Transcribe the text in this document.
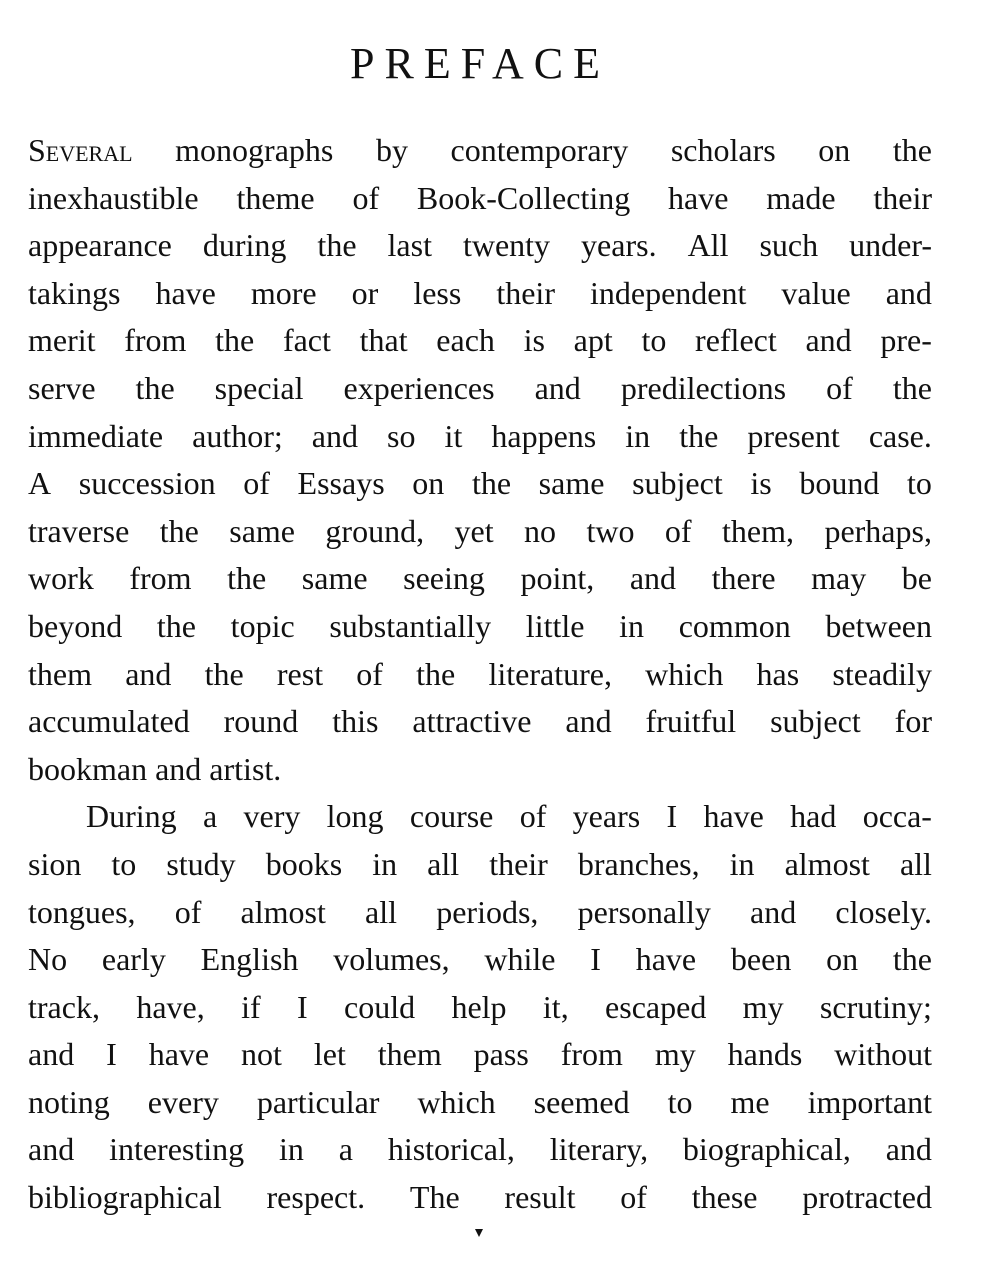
PREFACE
Several monographs by contemporary scholars on the
inexhaustible theme of Book-Collecting have made their
appearance during the last twenty years. All such under-
takings have more or less their independent value and
merit from the fact that each is apt to reflect and pre-
serve the special experiences and predilections of the
immediate author; and so it happens in the present case.
A succession of Essays on the same subject is bound to
traverse the same ground, yet no two of them, perhaps,
work from the same seeing point, and there may be
beyond the topic substantially little in common between
them and the rest of the literature, which has steadily
accumulated round this attractive and fruitful subject for
bookman
and
artist.
During a very long course of years I have had occa-
sion to study books in all their branches, in almost all
tongues, of almost all periods, personally and closely.
No early English volumes, while I have been on the
track, have, if I could help it, escaped my scrutiny;
and I have not let them pass from my hands without
noting every particular which seemed to me important
and interesting in a historical, literary, biographical, and
bibliographical respect. The result of these protracted
